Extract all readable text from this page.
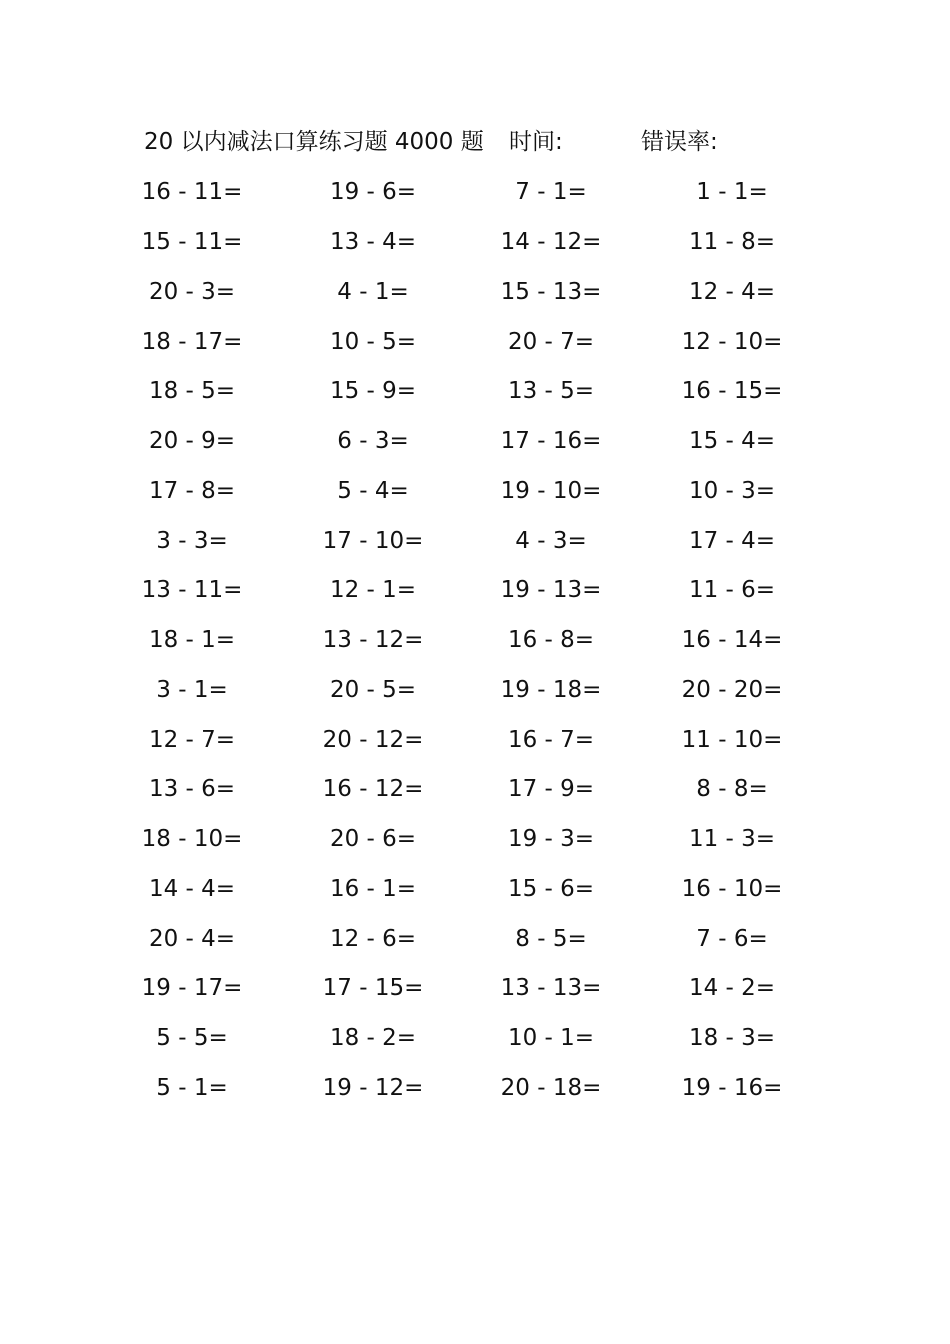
20 以内减法口算练习题 4000 题 时间:	错误率:
16 - 11=	19 - 6=	7 - 1=	1 - 1=
15 - 11=	13 - 4=	14 - 12=	11 - 8=
20 - 3=	4 - 1=	15 - 13=	12 - 4=
18 - 17=	10 - 5=	20 - 7=	12 - 10=
18 - 5=	15 - 9=	13 - 5=	16 - 15=
20 - 9=	6 - 3=	17 - 16=	15 - 4=
17 - 8=	5 - 4=	19 - 10=	10 - 3=
3 - 3=	17 - 10=	4 - 3=	17 - 4=
13 - 11=	12 - 1=	19 - 13=	11 - 6=
18 - 1=	13 - 12=	16 - 8=	16 - 14=
3 - 1=	20 - 5=	19 - 18=	20 - 20=
12 - 7=	20 - 12=	16 - 7=	11 - 10=
13 - 6=	16 - 12=	17 - 9=	8 - 8=
18 - 10=	20 - 6=	19 - 3=	11 - 3=
14 - 4=	16 - 1=	15 - 6=	16 - 10=
20 - 4=	12 - 6=	8 - 5=	7 - 6=
19 - 17=	17 - 15=	13 - 13=	14 - 2=
5 - 5=	18 - 2=	10 - 1=	18 - 3=
5 - 1=	19 - 12=	20 - 18=	19 - 16=
